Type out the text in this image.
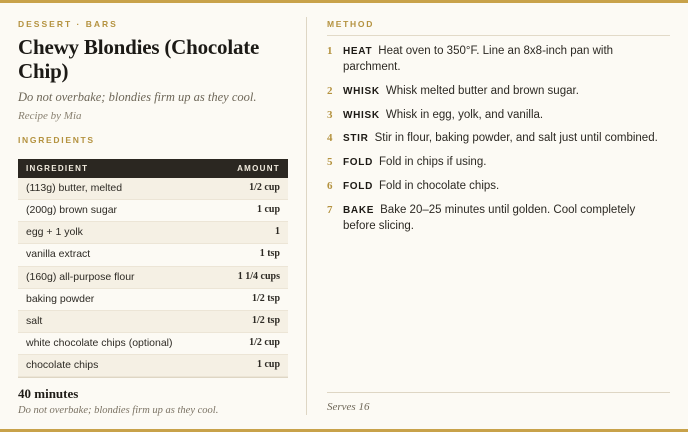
DESSERT · BARS
Chewy Blondies (Chocolate Chip)
Do not overbake; blondies firm up as they cool.
Recipe by Mia
INGREDIENTS
INGREDIENT	AMOUNT
(113g) butter, melted	1/2 cup
(200g) brown sugar	1 cup
egg + 1 yolk	1
vanilla extract	1 tsp
(160g) all-purpose flour	1 1/4 cups
baking powder	1/2 tsp
salt	1/2 tsp
white chocolate chips (optional)	1/2 cup
chocolate chips	1 cup
40 minutes
Do not overbake; blondies firm up as they cool.
METHOD
1	HEAT Heat oven to 350°F. Line an 8x8-inch pan with parchment.
2	WHISK Whisk melted butter and brown sugar.
3	WHISK Whisk in egg, yolk, and vanilla.
4	STIR Stir in flour, baking powder, and salt just until combined.
5	FOLD Fold in chips if using.
6	FOLD Fold in chocolate chips.
7	BAKE Bake 20–25 minutes until golden. Cool completely before slicing.
Serves 16
